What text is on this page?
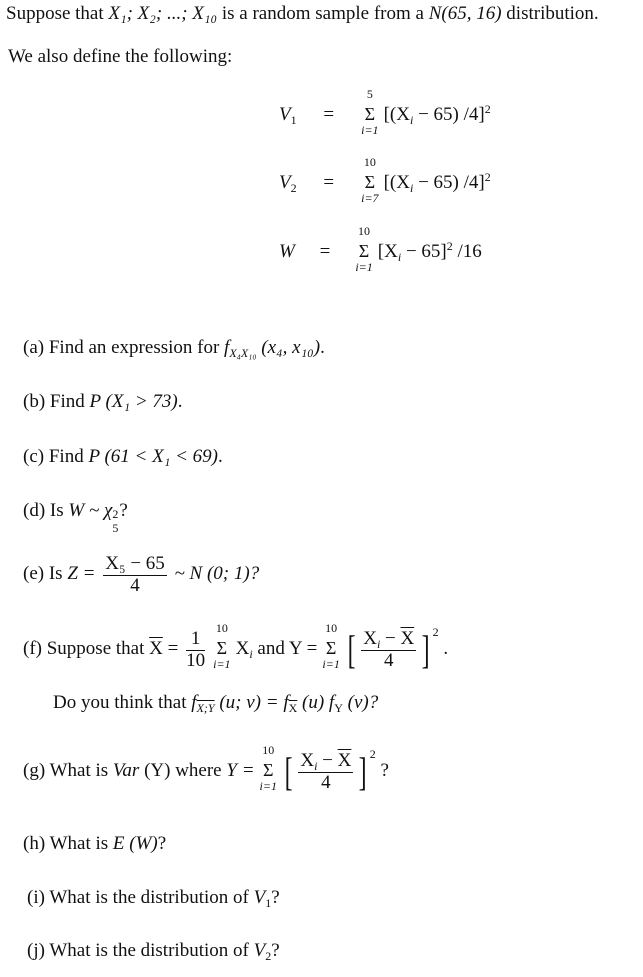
Suppose that X₁; X₂; ...; X₁₀ is a random sample from a N(65, 16) distribution.
We also define the following:
$V_1 = \Sigma$
5
i=1
[$(X_i - 65)$ /4]$^2$
$V_2 = \Sigma$
10
i=7
[$(X_i - 65)$ /4]$^2$
W = Σ
10
i=1
$[X_i - 65]^2$ /16
(a) Find an expression for $f_{X_4X_{10}}$ (x₄, x₁₀).
(b) Find P (X₁ > 73).
(c) Find P (61 < X₁ < 69).
(d) Is W ~ χ 2
5
?
(e) Is $Z = \frac{\text{X₅ − 65}}{4}$ ~ N (0; 1)?
(f) Suppose that $\overline{X} = \frac{1}{10}$ Σ
10
i=1
$X_i$ and Y = Σ
10
i=1 [ $\frac{X_i - \overline{X}}{4}$ ] $^2$ .
Do you think that $f_{X;Y}$ (u; $v) = f_{\overline{X}}$ (u) $f_Y$ (v)?
(g) What is Var (Y) where Y = Σ
10
i=1 [ $\frac{X_i - \overline{X}}{4}$ ] $^2$ ?
(h) What is E (W)?
(i) What is the distribution of $V_1$?
(j) What is the distribution of $V_2$?
